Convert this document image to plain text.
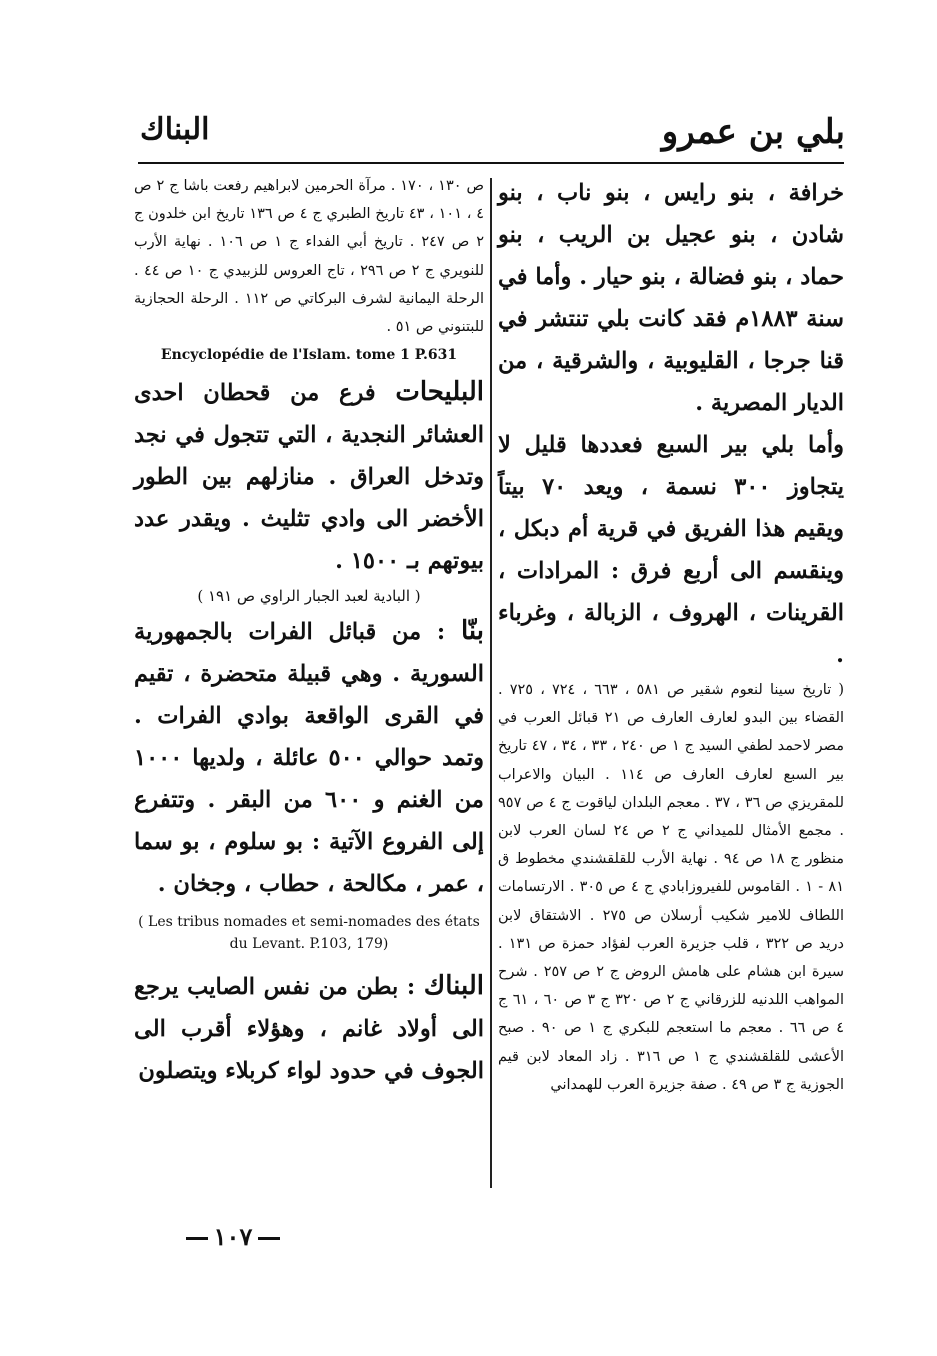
بلي بن عمرو
البناك

خرافة ، بنو رايس ، بنو ناب ، بنو شادن ، بنو عجيل بن الريب ، بنو حماد ، بنو فضالة ، بنو حيار . وأما في سنة ١٨٨٣م فقد كانت بلي تنتشر في قنا جرجا ، القليوبية ، والشرقية ، من الديار المصرية .

وأما بلي بير السبع فعددها قليل لا يتجاوز ٣٠٠ نسمة ، ويعد ٧٠ بيتاً ويقيم هذا الفريق في قرية أم دبكل ، وينقسم الى أربع فرق : المرادات ، القرينات ، الهروف ، الزبالة ، وغرباء .

( تاريخ سينا لنعوم شقير ص ٥٨١ ، ٦٦٣ ، ٧٢٤ ، ٧٢٥ . القضاء بين البدو لعارف العارف ص ٢١ قبائل العرب في مصر لاحمد لطفي السيد ج ١ ص ٢٤٠ ، ٣٣ ، ٣٤ ، ٤٧ تاريخ بير السبع لعارف العارف ص ١١٤ . البيان والاعراب للمقريزي ص ٣٦ ، ٣٧ . معجم البلدان لياقوت ج ٤ ص ٩٥٧ . مجمع الأمثال للميداني ج ٢ ص ٢٤ لسان العرب لابن منظور ج ١٨ ص ٩٤ . نهاية الأرب للقلقشندي مخطوط ق ٨١ - ١ . القاموس للفيروزابادي ج ٤ ص ٣٠٥ . الارتسامات اللطاف للامير شكيب أرسلان ص ٢٧٥ . الاشتقاق لابن دريد ص ٣٢٢ ، قلب جزيرة العرب لفؤاد حمزة ص ١٣١ . سيرة ابن هشام على هامش الروض ج ٢ ص ٢٥٧ . شرح المواهب اللدنيه للزرقاني ج ٢ ص ٣٢٠ ج ٣ ص ٦٠ ، ٦١ ج ٤ ص ٦٦ . معجم ما استعجم للبكري ج ١ ص ٩٠ . صبح الأعشى للقلقشندي ج ١ ص ٣١٦ . زاد المعاد لابن قيم الجوزية ج ٣ ص ٤٩ . صفة جزيرة العرب للهمداني

ص ١٣٠ ، ١٧٠ . مرآة الحرمين لابراهيم رفعت باشا ج ٢ ص ٤ ، ١٠١ ، ٤٣ تاريخ الطبري ج ٤ ص ١٣٦ تاريخ ابن خلدون ج ٢ ص ٢٤٧ . تاريخ أبي الفداء ج ١ ص ١٠٦ . نهاية الأرب للنويري ج ٢ ص ٢٩٦ ، تاج العروس للزبيدي ج ١٠ ص ٤٤ . الرحلة اليمانية لشرف البركاتي ص ١١٢ . الرحلة الحجازية للبتنوني ص ٥١ .

Encyclopédie de l'Islam. tome 1 P.631

البليحات فرع من قحطان احدى العشائر النجدية ، التي تتجول في نجد وتدخل العراق . منازلهم بين الطور الأخضر الى وادي تثليث . ويقدر عدد بيوتهم بـ ١٥٠٠ .

( البادية لعبد الجبار الراوي ص ١٩١ )

بنّا : من قبائل الفرات بالجمهورية السورية . وهي قبيلة متحضرة ، تقيم في القرى الواقعة بوادي الفرات . وتمد حوالي ٥٠٠ عائلة ، ولديها ١٠٠٠ من الغنم و ٦٠٠ من البقر . وتتفرع إلى الفروع الآتية : بو سلوم ، بو سما ، عمر ، مكالحة ، حطاب ، وجخان .

( Les tribus nomades et semi-nomades des états du Levant. P.103, 179)

البناك : بطن من نفس الصايب يرجع الى أولاد غانم ، وهؤلاء أقرب الى الجوف في حدود لواء كربلاء ويتصلون

١٠٧
